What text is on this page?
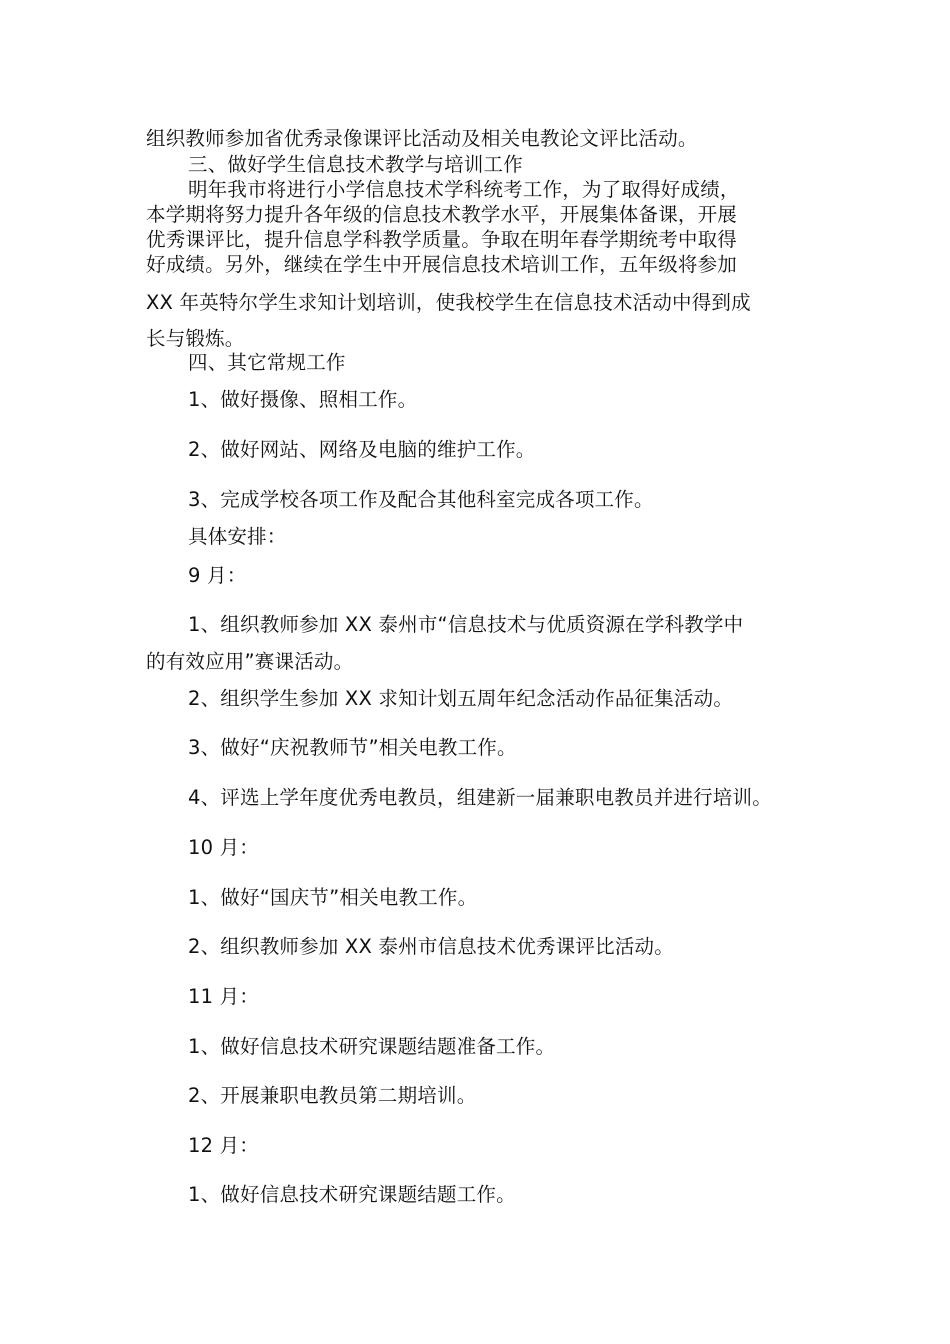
组织教师参加省优秀录像课评比活动及相关电教论文评比活动。
三、做好学生信息技术教学与培训工作
明年我市将进行小学信息技术学科统考工作，为了取得好成绩，
本学期将努力提升各年级的信息技术教学水平，开展集体备课，开展
优秀课评比，提升信息学科教学质量。争取在明年春学期统考中取得
好成绩。另外，继续在学生中开展信息技术培训工作，五年级将参加
XX 年英特尔学生求知计划培训，使我校学生在信息技术活动中得到成
长与锻炼。
四、其它常规工作
1、做好摄像、照相工作。
2、做好网站、网络及电脑的维护工作。
3、完成学校各项工作及配合其他科室完成各项工作。
具体安排：
9 月：
1、组织教师参加 XX 泰州市“信息技术与优质资源在学科教学中
的有效应用”赛课活动。
2、组织学生参加 XX 求知计划五周年纪念活动作品征集活动。
3、做好“庆祝教师节”相关电教工作。
4、评选上学年度优秀电教员，组建新一届兼职电教员并进行培训。
10 月：
1、做好“国庆节”相关电教工作。
2、组织教师参加 XX 泰州市信息技术优秀课评比活动。
11 月：
1、做好信息技术研究课题结题准备工作。
2、开展兼职电教员第二期培训。
12 月：
1、做好信息技术研究课题结题工作。
